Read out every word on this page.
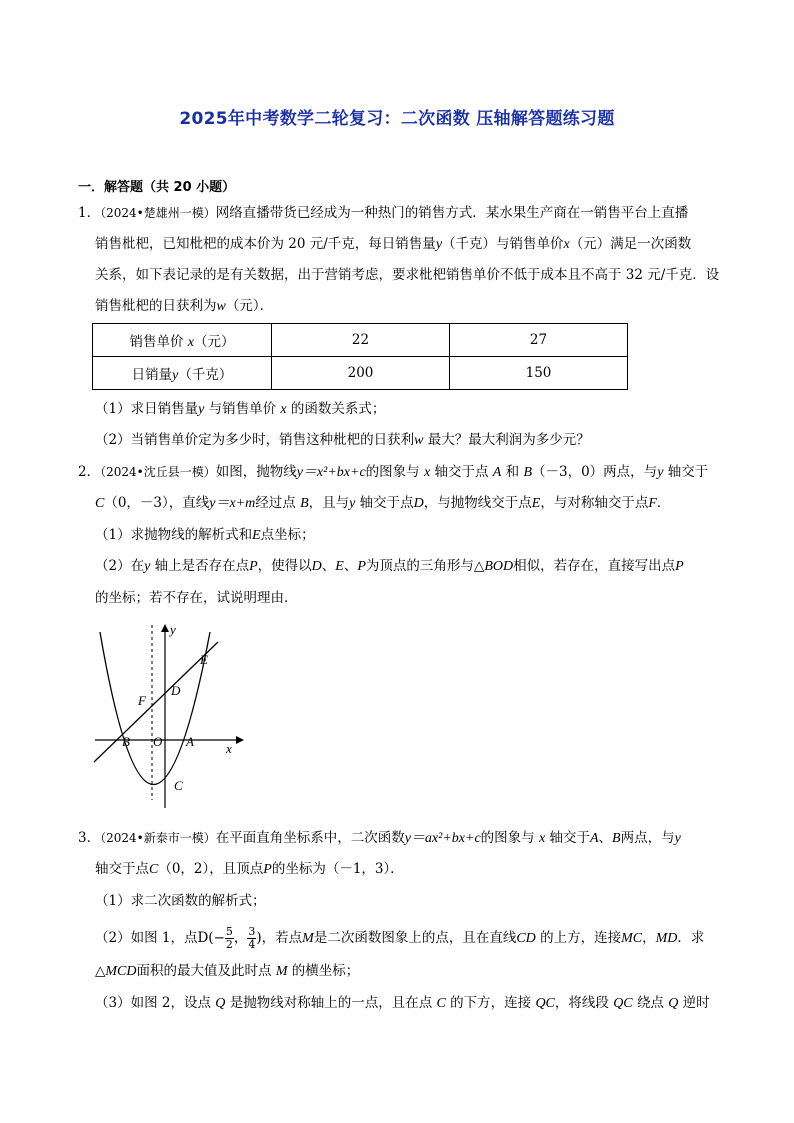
2025年中考数学二轮复习：二次函数 压轴解答题练习题
一．解答题（共 20 小题）
1．（2024•楚雄州一模）网络直播带货已经成为一种热门的销售方式．某水果生产商在一销售平台上直播
销售枇杷，已知枇杷的成本价为 20 元/千克，每日销售量y（千克）与销售单价x（元）满足一次函数
关系，如下表记录的是有关数据，出于营销考虑，要求枇杷销售单价不低于成本且不高于 32 元/千克．设
销售枇杷的日获利为w（元）．
销售单价 x（元）	22	27
日销量y（千克）	200	150
（1）求日销售量y 与销售单价 x 的函数关系式；
（2）当销售单价定为多少时，销售这种枇杷的日获利w 最大？最大利润为多少元？
2．（2024•沈丘县一模）如图，抛物线y＝x²+bx+c的图象与 x 轴交于点 A 和 B（－3，0）两点，与y 轴交于
C（0，－3），直线y＝x+m经过点 B，且与y 轴交于点D，与抛物线交于点E，与对称轴交于点F．
（1）求抛物线的解析式和E点坐标；
（2）在y 轴上是否存在点P，使得以D、E、P为顶点的三角形与△BOD相似，若存在，直接写出点P
的坐标；若不存在，试说明理由．
y
x
E
D
F
B O A
C
3．（2024•新泰市一模）在平面直角坐标系中，二次函数y＝ax²+bx+c的图象与 x 轴交于A、B两点，与y
轴交于点C（0，2），且顶点P的坐标为（－1，3）．
（1）求二次函数的解析式；
（2）如图 1，点$D(- \frac{5}{2}$ ， $\frac{3}{4}$ )，若点M是二次函数图象上的点，且在直线CD 的上方，连接MC，MD．求
△MCD面积的最大值及此时点 M 的横坐标；
（3）如图 2，设点 Q 是抛物线对称轴上的一点，且在点 C 的下方，连接 QC，将线段 QC 绕点 Q 逆时
